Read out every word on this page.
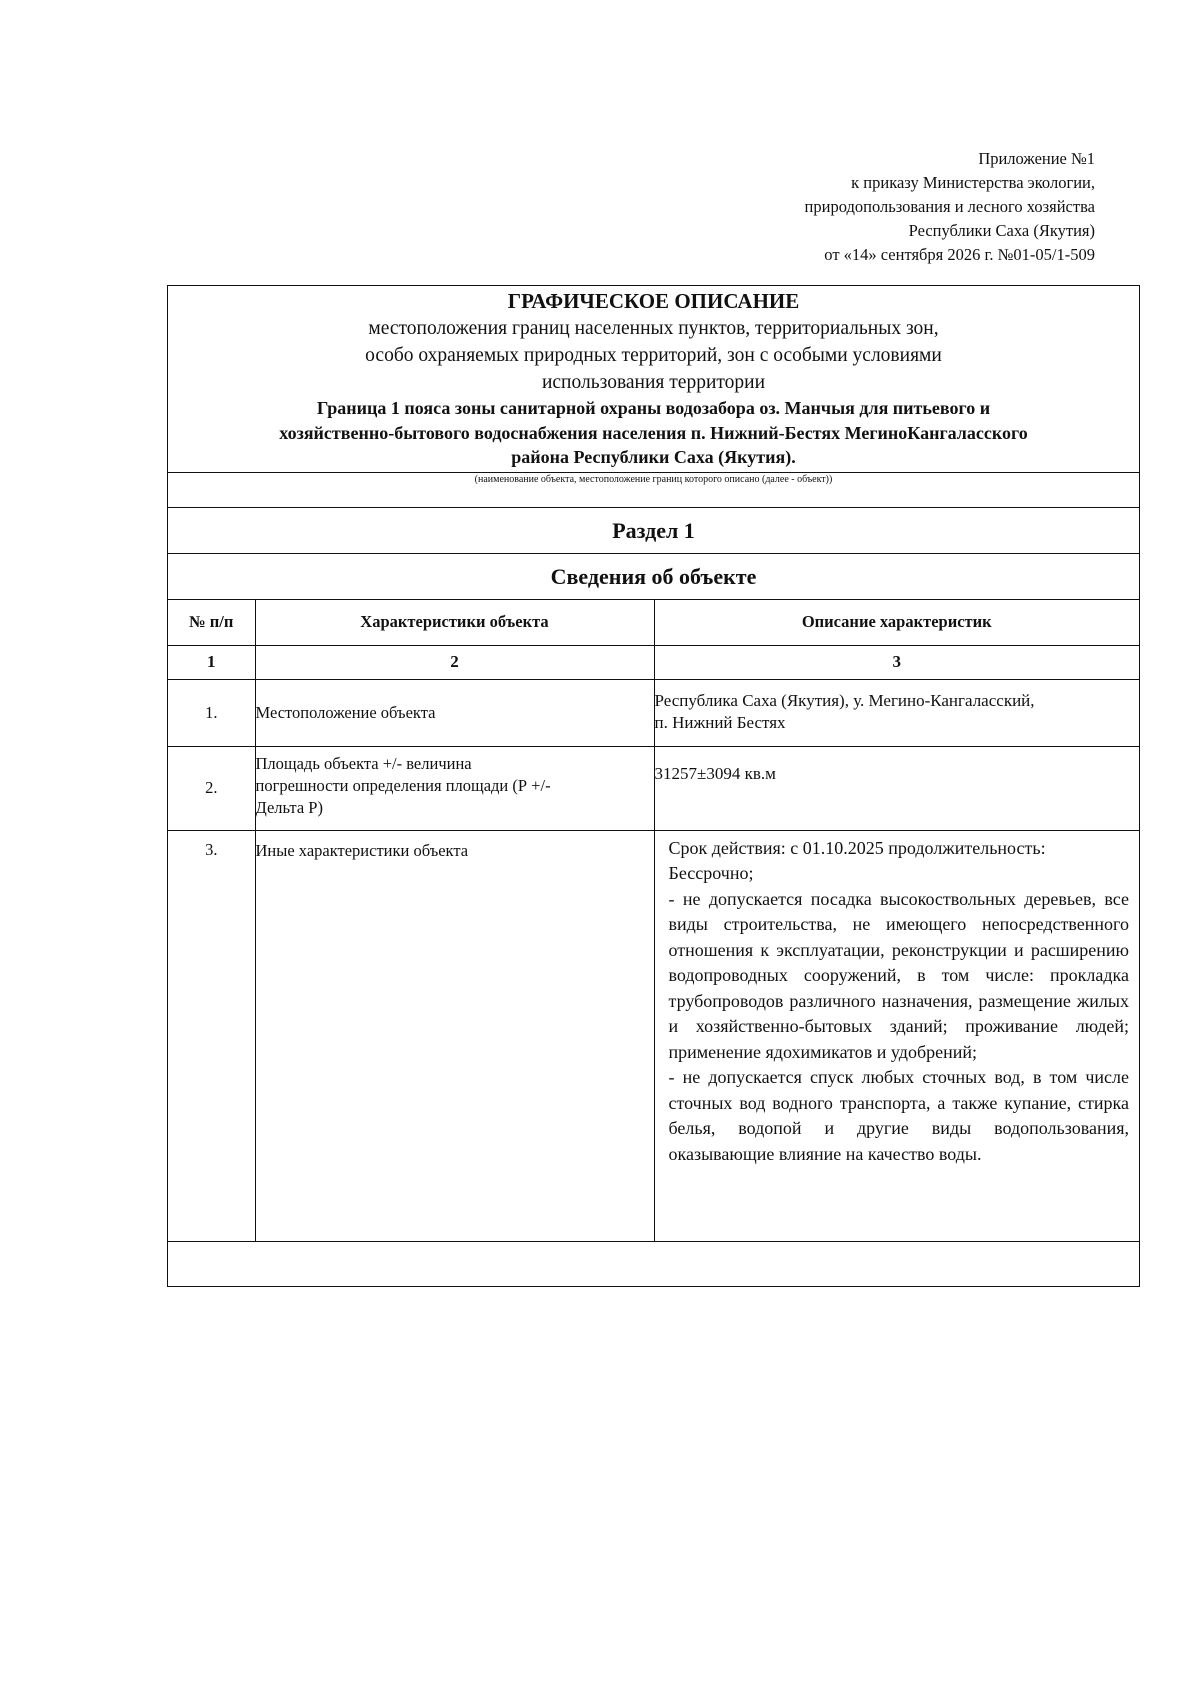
Приложение №1
к приказу Министерства экологии,
природопользования и лесного хозяйства
Республики Саха (Якутия)
от «14» сентября 2026 г. №01-05/1-509
ГРАФИЧЕСКОЕ ОПИСАНИЕ
местоположения границ населенных пунктов, территориальных зон,
особо охраняемых природных территорий, зон с особыми условиями
использования территории
Граница 1 пояса зоны санитарной охраны водозабора оз. Манчыя для питьевого и
хозяйственно-бытового водоснабжения населения п. Нижний-Бестях МегиноКангаласского
района Республики Саха (Якутия).
(наименование объекта, местоположение границ которого описано (далее - объект))
Раздел 1
Сведения об объекте
№ п/п	Характеристики объекта	Описание характеристик
1	2	3
1.	Местоположение объекта	Республика Саха (Якутия), у. Мегино-Кангаласский,
п. Нижний Бестях

2.	Площадь объекта +/- величина
погрешности определения площади (Р +/-
Дельта Р)	31257±3094 кв.м
3.	Иные характеристики объекта	Срок действия: с 01.10.2025 продолжительность: Бессрочно;

- не допускается посадка высокоствольных деревьев, все виды строительства, не имеющего непосредственного отношения к эксплуатации, реконструкции и расширению водопроводных сооружений, в том числе: прокладка трубопроводов различного назначения, размещение жилых и хозяйственно-бытовых зданий; проживание людей; применение ядохимикатов и удобрений;

- не допускается спуск любых сточных вод, в том числе сточных вод водного транспорта, а также купание, стирка белья, водопой и другие виды водопользования, оказывающие влияние на качество воды.
